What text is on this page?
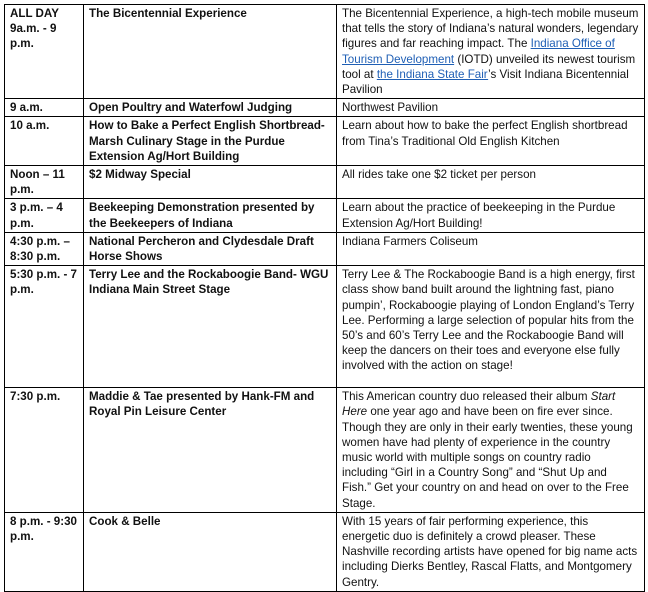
ALL DAY 9a.m. - 9 p.m.	The Bicentennial Experience	The Bicentennial Experience, a high-tech mobile museum that tells the story of Indiana’s natural wonders, legendary figures and far reaching impact. The Indiana Office of Tourism Development (IOTD) unveiled its newest tourism tool at the Indiana State Fair’s Visit Indiana Bicentennial Pavilion
9 a.m.	Open Poultry and Waterfowl Judging	Northwest Pavilion
10 a.m.	How to Bake a Perfect English Shortbread- Marsh Culinary Stage in the Purdue Extension Ag/Hort Building	Learn about how to bake the perfect English shortbread from Tina’s Traditional Old English Kitchen
Noon – 11 p.m.	$2 Midway Special	All rides take one $2 ticket per person
3 p.m. – 4 p.m.	Beekeeping Demonstration presented by the Beekeepers of Indiana	Learn about the practice of beekeeping in the Purdue Extension Ag/Hort Building!
4:30 p.m. – 8:30 p.m.	National Percheron and Clydesdale Draft Horse Shows	Indiana Farmers Coliseum
5:30 p.m. - 7 p.m.	Terry Lee and the Rockaboogie Band- WGU Indiana Main Street Stage	Terry Lee & The Rockaboogie Band is a high energy, first class show band built around the lightning fast, piano pumpin’, Rockaboogie playing of London England’s Terry Lee. Performing a large selection of popular hits from the 50’s and 60’s Terry Lee and the Rockaboogie Band will keep the dancers on their toes and everyone else fully involved with the action on stage!
7:30 p.m.	Maddie & Tae presented by Hank-FM and Royal Pin Leisure Center	This American country duo released their album Start Here one year ago and have been on fire ever since. Though they are only in their early twenties, these young women have had plenty of experience in the country music world with multiple songs on country radio including “Girl in a Country Song” and “Shut Up and Fish.” Get your country on and head on over to the Free Stage.
8 p.m. - 9:30 p.m.	Cook & Belle	With 15 years of fair performing experience, this energetic duo is definitely a crowd pleaser. These Nashville recording artists have opened for big name acts including Dierks Bentley, Rascal Flatts, and Montgomery Gentry.
